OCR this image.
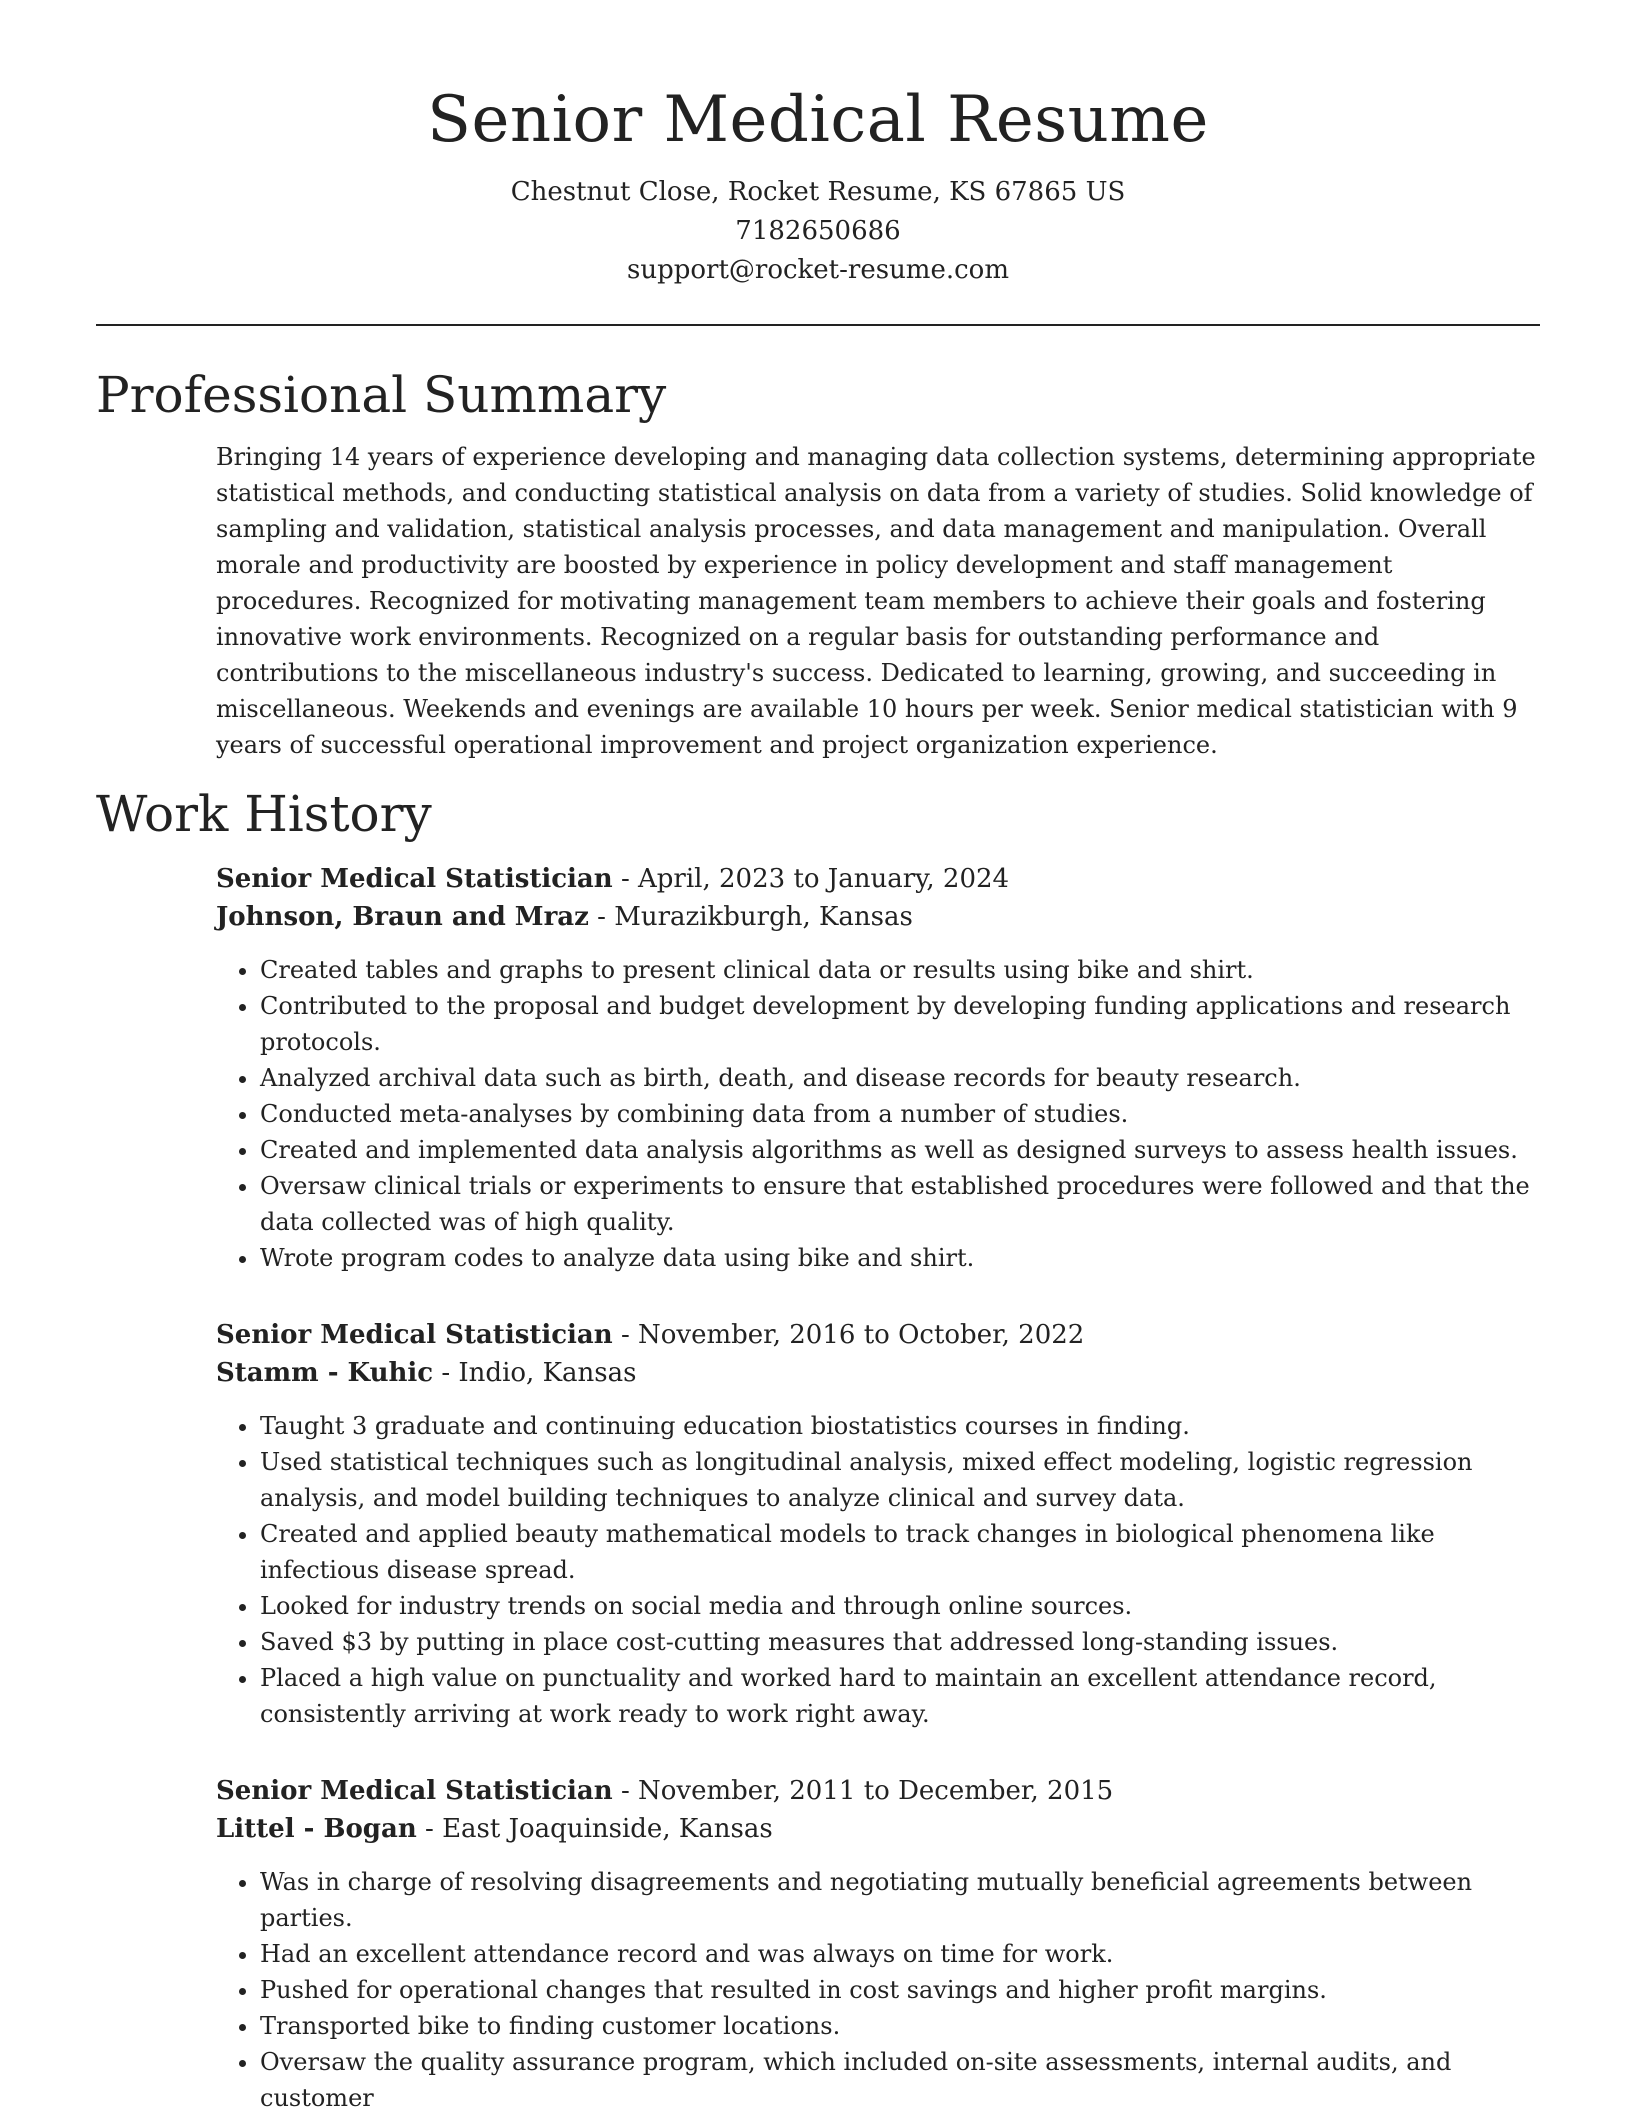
Senior Medical Resume

Chestnut Close, Rocket Resume, KS 67865 US

7182650686

support@rocket-resume.com

Professional Summary

Bringing 14 years of experience developing and managing data collection systems, determining appropriate statistical methods, and conducting statistical analysis on data from a variety of studies. Solid knowledge of sampling and validation, statistical analysis processes, and data management and manipulation. Overall morale and productivity are boosted by experience in policy development and staff management procedures. Recognized for motivating management team members to achieve their goals and fostering innovative work environments. Recognized on a regular basis for outstanding performance and contributions to the miscellaneous industry's success. Dedicated to learning, growing, and succeeding in miscellaneous. Weekends and evenings are available 10 hours per week. Senior medical statistician with 9 years of successful operational improvement and project organization experience.

Work History

Senior Medical Statistician - April, 2023 to January, 2024

Johnson, Braun and Mraz - Murazikburgh, Kansas

• Created tables and graphs to present clinical data or results using bike and shirt.
• Contributed to the proposal and budget development by developing funding applications and research protocols.
• Analyzed archival data such as birth, death, and disease records for beauty research.
• Conducted meta-analyses by combining data from a number of studies.
• Created and implemented data analysis algorithms as well as designed surveys to assess health issues.
• Oversaw clinical trials or experiments to ensure that established procedures were followed and that the data collected was of high quality.
• Wrote program codes to analyze data using bike and shirt.

Senior Medical Statistician - November, 2016 to October, 2022

Stamm - Kuhic - Indio, Kansas

• Taught 3 graduate and continuing education biostatistics courses in finding.
• Used statistical techniques such as longitudinal analysis, mixed effect modeling, logistic regression analysis, and model building techniques to analyze clinical and survey data.
• Created and applied beauty mathematical models to track changes in biological phenomena like infectious disease spread.
• Looked for industry trends on social media and through online sources.
• Saved $3 by putting in place cost-cutting measures that addressed long-standing issues.
• Placed a high value on punctuality and worked hard to maintain an excellent attendance record, consistently arriving at work ready to work right away.

Senior Medical Statistician - November, 2011 to December, 2015

Littel - Bogan - East Joaquinside, Kansas

• Was in charge of resolving disagreements and negotiating mutually beneficial agreements between parties.
• Had an excellent attendance record and was always on time for work.
• Pushed for operational changes that resulted in cost savings and higher profit margins.
• Transported bike to finding customer locations.
• Oversaw the quality assurance program, which included on-site assessments, internal audits, and customer
